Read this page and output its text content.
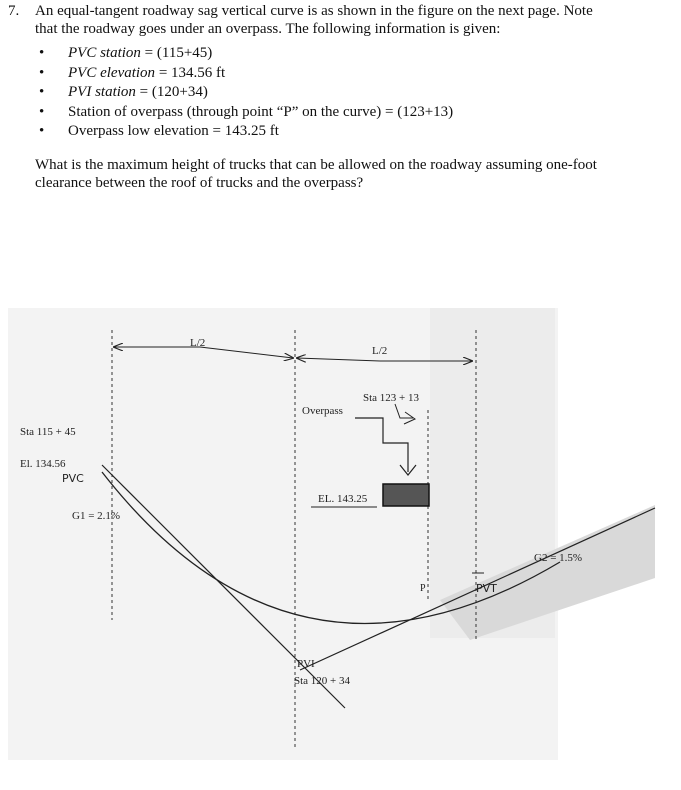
7. An equal-tangent roadway sag vertical curve is as shown in the figure on the next page. Note
that the roadway goes under an overpass. The following information is given:
• PVC station = (115+45)
• PVC elevation = 134.56 ft
• PVI station = (120+34)
• Station of overpass (through point “P” on the curve) = (123+13)
• Overpass low elevation = 143.25 ft
What is the maximum height of trucks that can be allowed on the roadway assuming one-foot
clearance between the roof of trucks and the overpass?
L/2
L/2
Sta 123 + 13
Overpass
EL. 143.25
Sta 115 + 45
El. 134.56
PVC
G1 = 2.1%
G2 = 1.5%
P	PVT
PVI
Sta 120 + 34
